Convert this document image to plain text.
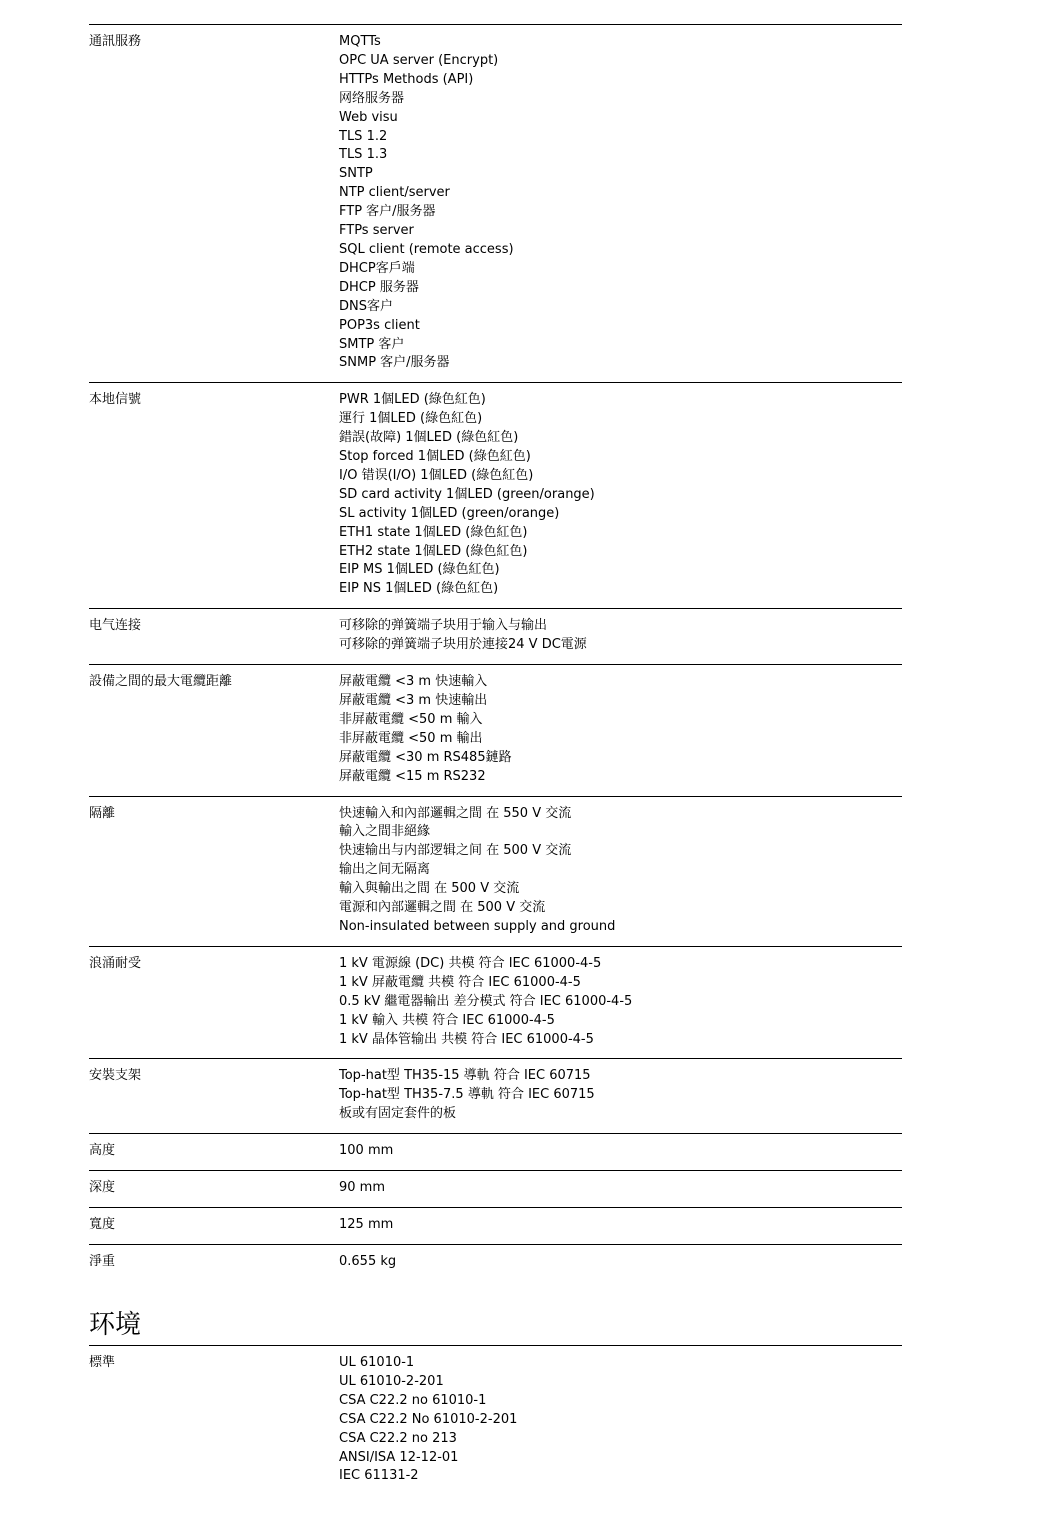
通訊服務	MQTTs
OPC UA server (Encrypt)
HTTPs Methods (API)
网络服务器
Web visu
TLS 1.2
TLS 1.3
SNTP
NTP client/server
FTP 客户/服务器
FTPs server
SQL client (remote access)
DHCP客戶端
DHCP 服务器
DNS客户
POP3s client
SMTP 客户
SNMP 客户/服务器
本地信號	PWR 1個LED (綠色紅色)
運行 1個LED (綠色紅色)
錯誤(故障) 1個LED (綠色紅色)
Stop forced 1個LED (綠色紅色)
I/O 错误(I/O) 1個LED (綠色紅色)
SD card activity 1個LED (green/orange)
SL activity 1個LED (green/orange)
ETH1 state 1個LED (綠色紅色)
ETH2 state 1個LED (綠色紅色)
EIP MS 1個LED (綠色紅色)
EIP NS 1個LED (綠色紅色)
电气连接	可移除的弹簧端子块用于输入与输出
可移除的弹簧端子块用於連接24 V DC電源
設備之間的最大電纜距離	屏蔽電纜 <3 m 快速輸入
屏蔽電纜 <3 m 快速輸出
非屏蔽電纜 <50 m 輸入
非屏蔽電纜 <50 m 輸出
屏蔽電纜 <30 m RS485鏈路
屏蔽電纜 <15 m RS232
隔離	快速輸入和內部邏輯之間 在 550 V 交流
輸入之間非絕緣
快速输出与内部逻辑之间 在 500 V 交流
输出之间无隔离
輸入與輸出之間 在 500 V 交流
電源和內部邏輯之間 在 500 V 交流
Non-insulated between supply and ground
浪涌耐受	1 kV 電源線 (DC) 共模 符合 IEC 61000-4-5
1 kV 屏蔽電纜 共模 符合 IEC 61000-4-5
0.5 kV 繼電器輸出 差分模式 符合 IEC 61000-4-5
1 kV 輸入 共模 符合 IEC 61000-4-5
1 kV 晶体管输出 共模 符合 IEC 61000-4-5
安裝支架	Top-hat型 TH35-15 導軌 符合 IEC 60715
Top-hat型 TH35-7.5 導軌 符合 IEC 60715
板或有固定套件的板
高度	100 mm
深度	90 mm
寬度	125 mm
淨重	0.655 kg
环境
標準	UL 61010-1
UL 61010-2-201
CSA C22.2 no 61010-1
CSA C22.2 No 61010-2-201
CSA C22.2 no 213
ANSI/ISA 12-12-01
IEC 61131-2
